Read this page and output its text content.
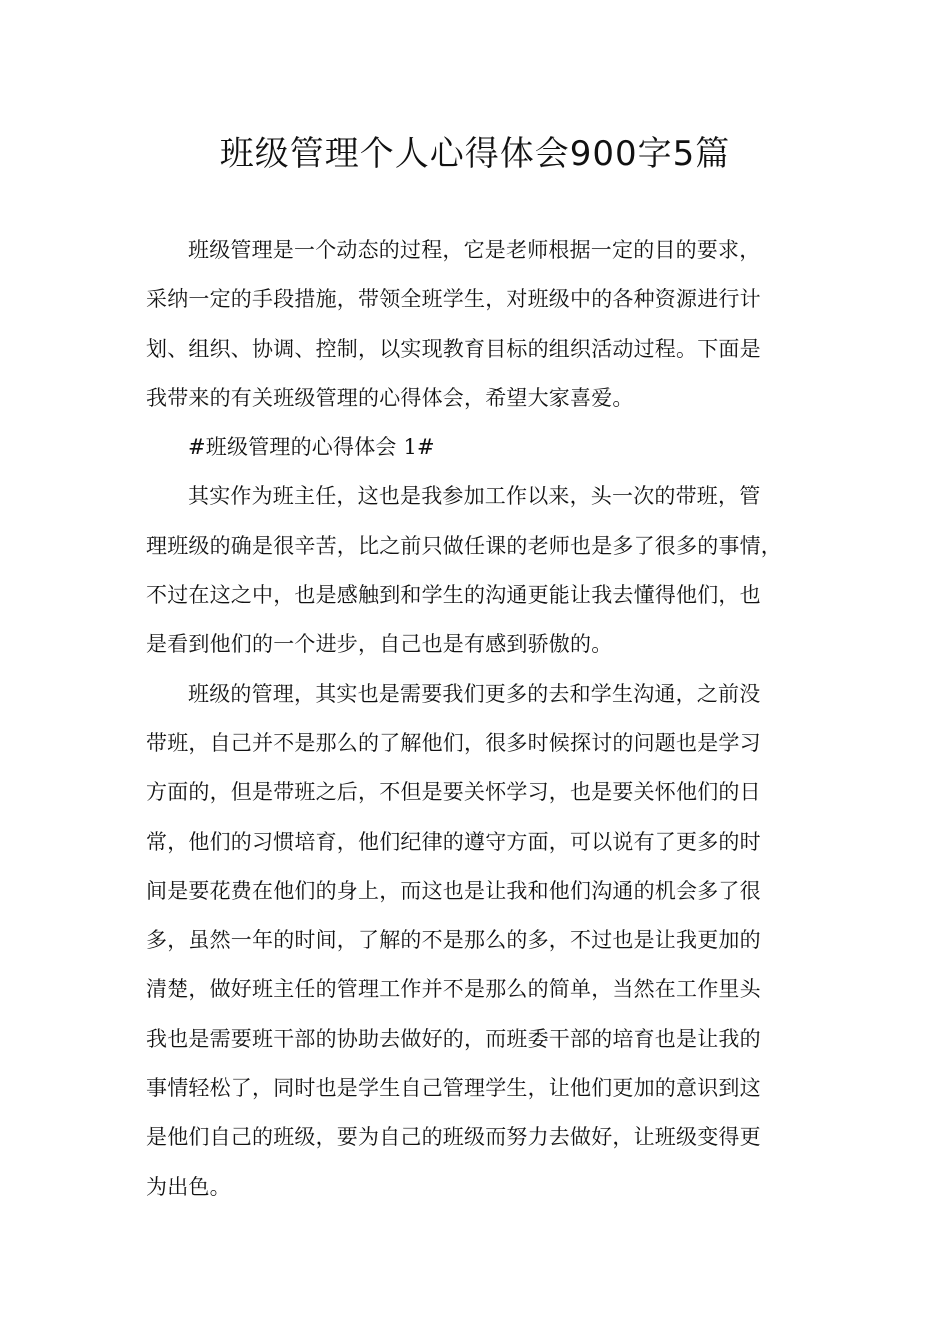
班级管理个人心得体会900字5篇

班级管理是一个动态的过程，它是老师根据一定的目的要求，
采纳一定的手段措施，带领全班学生，对班级中的各种资源进行计
划、组织、协调、控制，以实现教育目标的组织活动过程。下面是
我带来的有关班级管理的心得体会，希望大家喜爱。

#班级管理的心得体会 1#

其实作为班主任，这也是我参加工作以来，头一次的带班，管
理班级的确是很辛苦，比之前只做任课的老师也是多了很多的事情，
不过在这之中，也是感触到和学生的沟通更能让我去懂得他们，也
是看到他们的一个进步，自己也是有感到骄傲的。

班级的管理，其实也是需要我们更多的去和学生沟通，之前没
带班，自己并不是那么的了解他们，很多时候探讨的问题也是学习
方面的，但是带班之后，不但是要关怀学习，也是要关怀他们的日
常，他们的习惯培育，他们纪律的遵守方面，可以说有了更多的时
间是要花费在他们的身上，而这也是让我和他们沟通的机会多了很
多，虽然一年的时间，了解的不是那么的多，不过也是让我更加的
清楚，做好班主任的管理工作并不是那么的简单，当然在工作里头
我也是需要班干部的协助去做好的，而班委干部的培育也是让我的
事情轻松了，同时也是学生自己管理学生，让他们更加的意识到这
是他们自己的班级，要为自己的班级而努力去做好，让班级变得更
为出色。
